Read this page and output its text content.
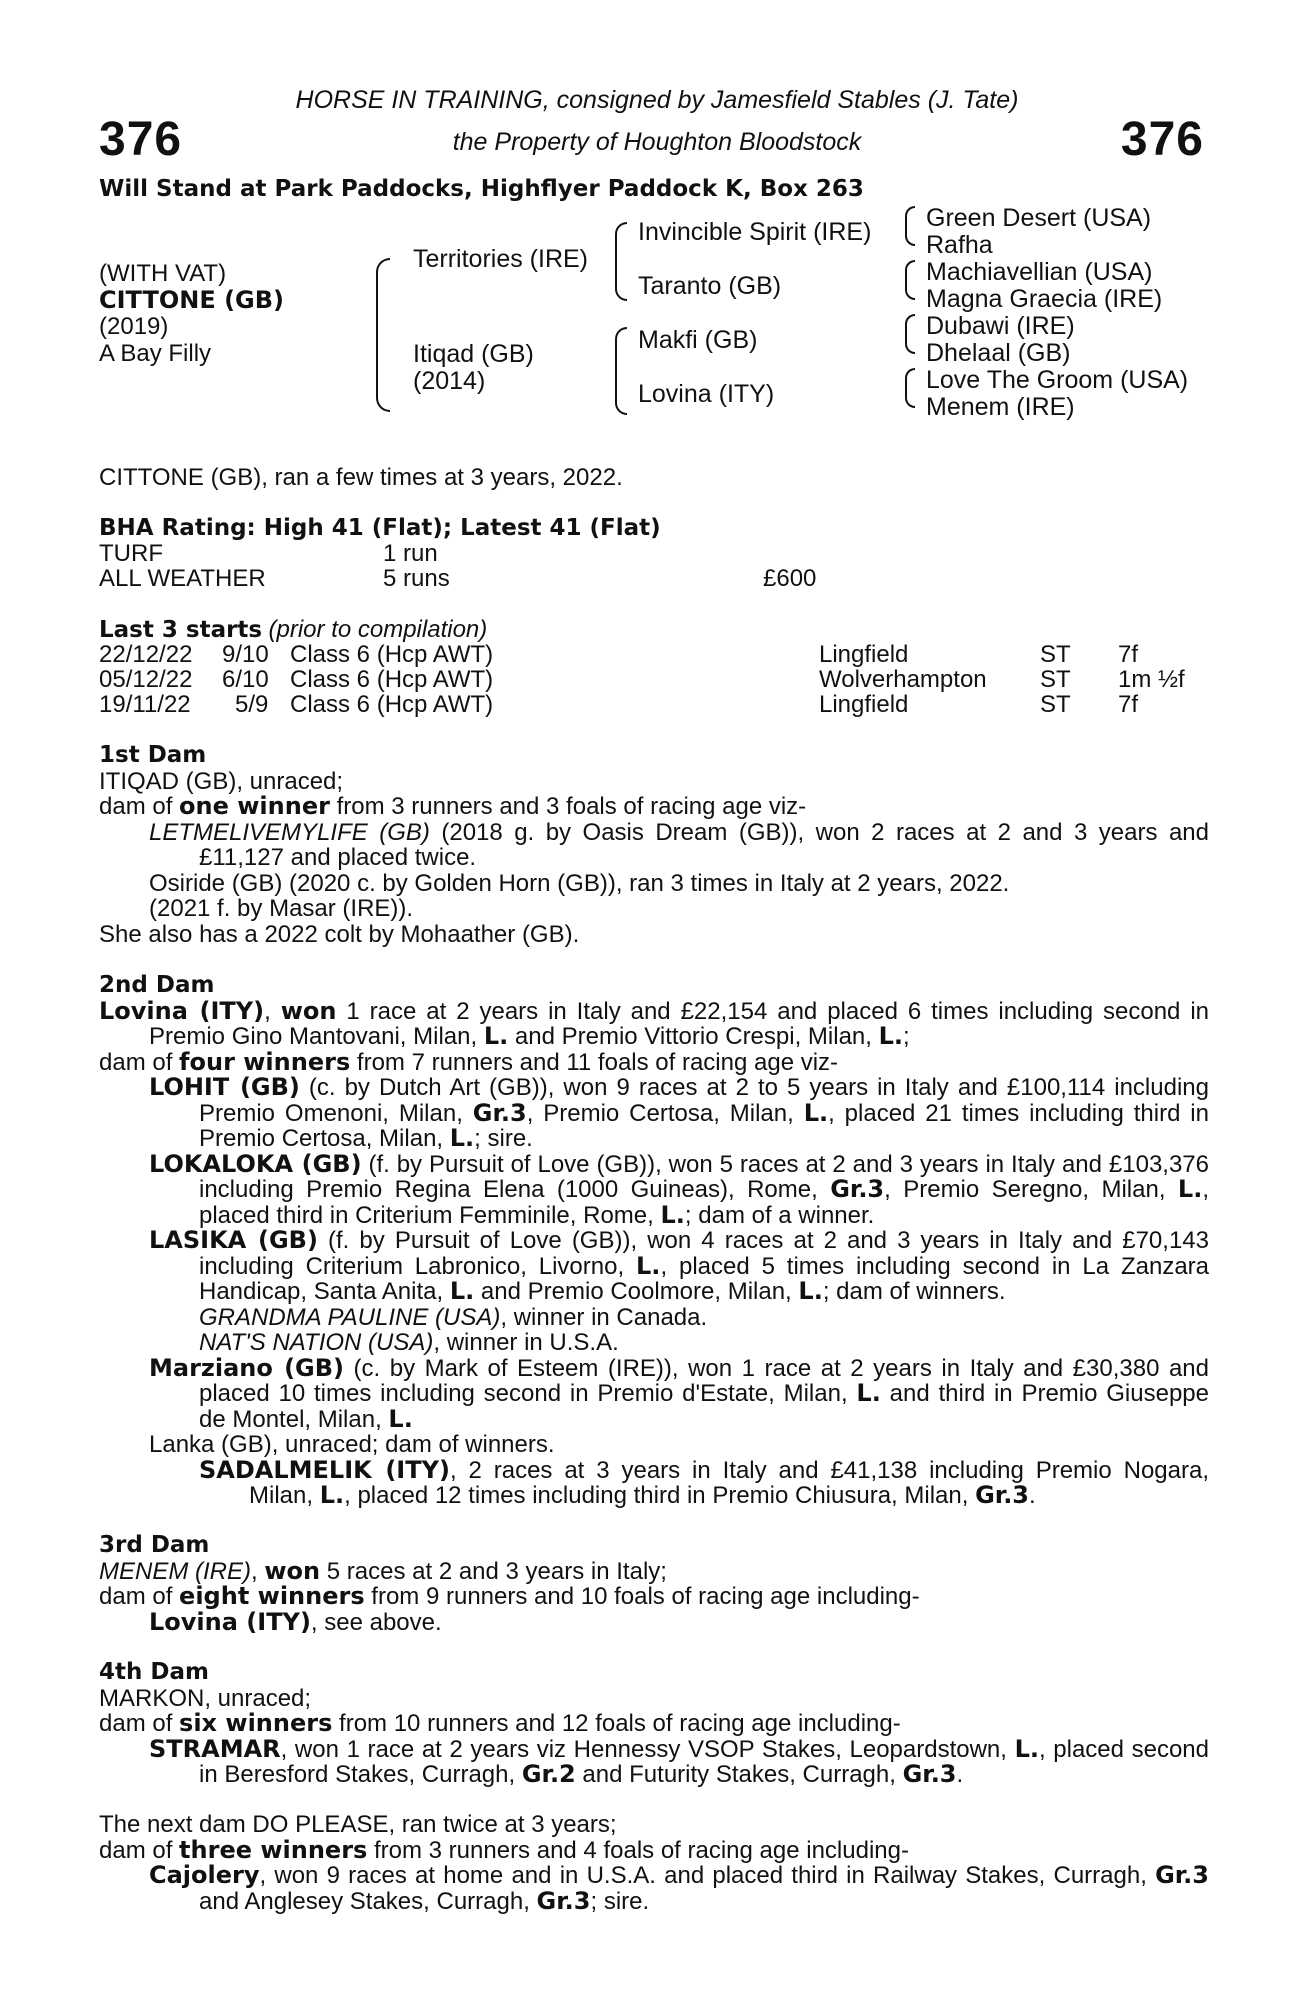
376	376
HORSE IN TRAINING, consigned by Jamesfield Stables (J. Tate)
the Property of Houghton Bloodstock
Will Stand at Park Paddocks, Highflyer Paddock K, Box 263
(WITH VAT)
CITTONE (GB)
(2019)
A Bay Filly
Territories (IRE)
Itiqad (GB)
(2014)
Invincible Spirit (IRE)
Taranto (GB)
Makfi (GB)
Lovina (ITY)
Green Desert (USA)
Rafha
Machiavellian (USA)
Magna Graecia (IRE)
Dubawi (IRE)
Dhelaal (GB)
Love The Groom (USA)
Menem (IRE)
CITTONE (GB), ran a few times at 3 years, 2022.
BHA Rating: High 41 (Flat); Latest 41 (Flat)
TURF	1 run
ALL WEATHER	5 runs	£600
Last 3 starts (prior to compilation)
22/12/22 9/10 Class 6 (Hcp AWT)	Lingfield	ST 7f
05/12/22 6/10 Class 6 (Hcp AWT)	Wolverhampton ST 1m ½f
19/11/22 5/9 Class 6 (Hcp AWT)	Lingfield	ST 7f
1st Dam
ITIQAD (GB), unraced;
dam of one winner from 3 runners and 3 foals of racing age viz-
LETMELIVEMYLIFE (GB) (2018 g. by Oasis Dream (GB)), won 2 races at 2 and 3 years and £11,127 and placed twice.
Osiride (GB) (2020 c. by Golden Horn (GB)), ran 3 times in Italy at 2 years, 2022.
(2021 f. by Masar (IRE)).
She also has a 2022 colt by Mohaather (GB).
2nd Dam
Lovina (ITY), won 1 race at 2 years in Italy and £22,154 and placed 6 times including second in Premio Gino Mantovani, Milan, L. and Premio Vittorio Crespi, Milan, L.;
dam of four winners from 7 runners and 11 foals of racing age viz-
LOHIT (GB) (c. by Dutch Art (GB)), won 9 races at 2 to 5 years in Italy and £100,114 including Premio Omenoni, Milan, Gr.3, Premio Certosa, Milan, L., placed 21 times including third in Premio Certosa, Milan, L.; sire.
LOKALOKA (GB) (f. by Pursuit of Love (GB)), won 5 races at 2 and 3 years in Italy and £103,376 including Premio Regina Elena (1000 Guineas), Rome, Gr.3, Premio Seregno, Milan, L., placed third in Criterium Femminile, Rome, L.; dam of a winner.
LASIKA (GB) (f. by Pursuit of Love (GB)), won 4 races at 2 and 3 years in Italy and £70,143 including Criterium Labronico, Livorno, L., placed 5 times including second in La Zanzara Handicap, Santa Anita, L. and Premio Coolmore, Milan, L.; dam of winners.
GRANDMA PAULINE (USA), winner in Canada.
NAT'S NATION (USA), winner in U.S.A.
Marziano (GB) (c. by Mark of Esteem (IRE)), won 1 race at 2 years in Italy and £30,380 and placed 10 times including second in Premio d'Estate, Milan, L. and third in Premio Giuseppe de Montel, Milan, L.
Lanka (GB), unraced; dam of winners.
SADALMELIK (ITY), 2 races at 3 years in Italy and £41,138 including Premio Nogara, Milan, L., placed 12 times including third in Premio Chiusura, Milan, Gr.3.
3rd Dam
MENEM (IRE), won 5 races at 2 and 3 years in Italy;
dam of eight winners from 9 runners and 10 foals of racing age including-
Lovina (ITY), see above.
4th Dam
MARKON, unraced;
dam of six winners from 10 runners and 12 foals of racing age including-
STRAMAR, won 1 race at 2 years viz Hennessy VSOP Stakes, Leopardstown, L., placed second in Beresford Stakes, Curragh, Gr.2 and Futurity Stakes, Curragh, Gr.3.
The next dam DO PLEASE, ran twice at 3 years;
dam of three winners from 3 runners and 4 foals of racing age including-
Cajolery, won 9 races at home and in U.S.A. and placed third in Railway Stakes, Curragh, Gr.3 and Anglesey Stakes, Curragh, Gr.3; sire.
